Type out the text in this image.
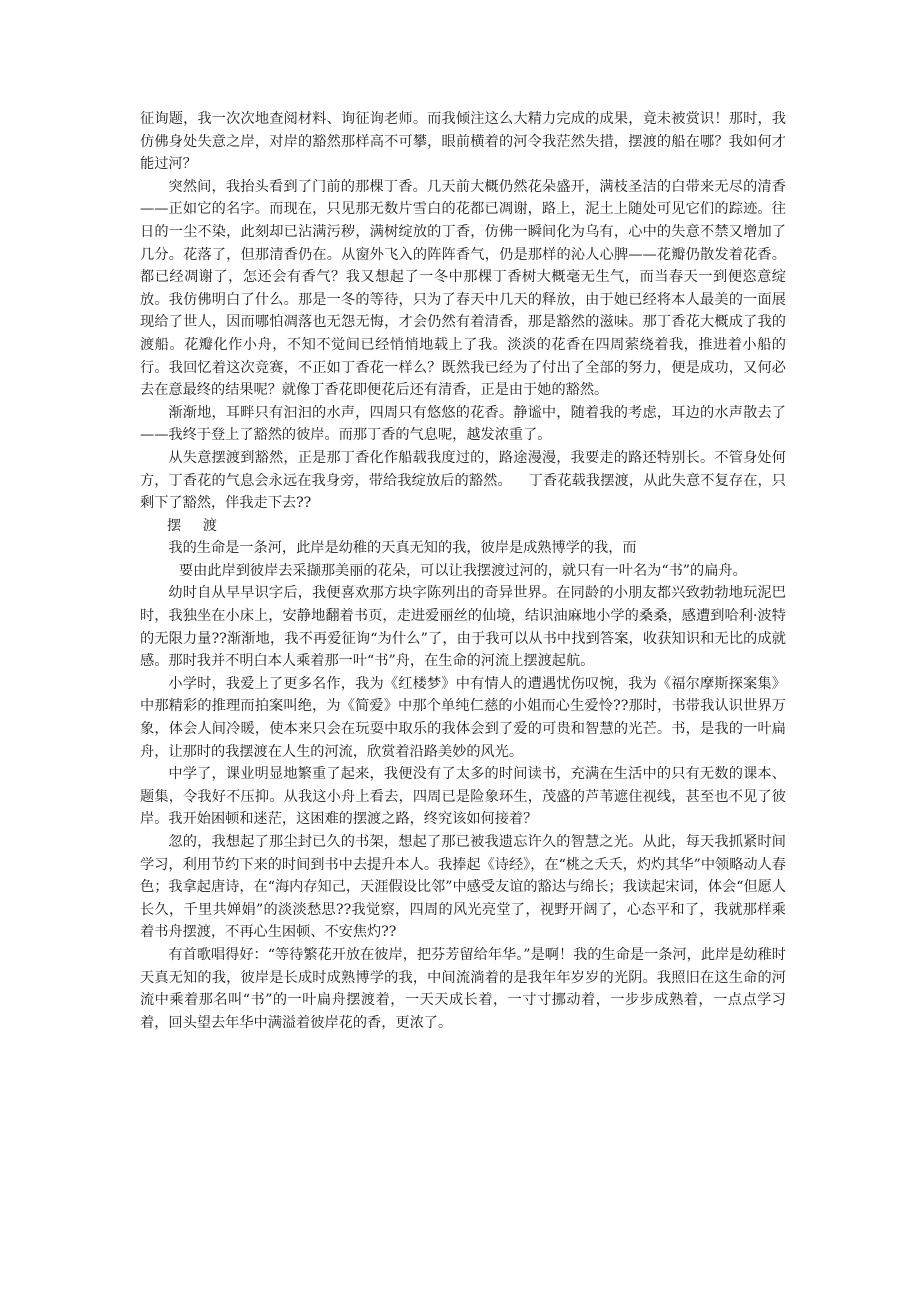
征询题，我一次次地查阅材料、询征询老师。而我倾注这么大精力完成的成果，竟未被赏识！那时，我仿佛身处失意之岸，对岸的豁然那样高不可攀，眼前横着的河令我茫然失措，摆渡的船在哪？我如何才能过河？

突然间，我抬头看到了门前的那棵丁香。几天前大概仍然花朵盛开，满枝圣洁的白带来无尽的清香——正如它的名字。而现在，只见那无数片雪白的花都已凋谢，路上，泥土上随处可见它们的踪迹。往日的一尘不染，此刻却已沾满污秽，满树绽放的丁香，仿佛一瞬间化为乌有，心中的失意不禁又增加了几分。花落了，但那清香仍在。从窗外飞入的阵阵香气，仍是那样的沁人心脾——花瓣仍散发着花香。都已经凋谢了，怎还会有香气？我又想起了一冬中那棵丁香树大概毫无生气，而当春天一到便恣意绽放。我仿佛明白了什么。那是一冬的等待，只为了春天中几天的释放，由于她已经将本人最美的一面展现给了世人，因而哪怕凋落也无怨无悔，才会仍然有着清香，那是豁然的滋味。那丁香花大概成了我的渡船。花瓣化作小舟，不知不觉间已经悄悄地载上了我。淡淡的花香在四周萦绕着我，推进着小船的行。我回忆着这次竞赛，不正如丁香花一样么？既然我已经为了付出了全部的努力，便是成功，又何必去在意最终的结果呢？就像丁香花即便花后还有清香，正是由于她的豁然。

渐渐地，耳畔只有汩汩的水声，四周只有悠悠的花香。静谧中，随着我的考虑，耳边的水声散去了——我终于登上了豁然的彼岸。而那丁香的气息呢，越发浓重了。

从失意摆渡到豁然，正是那丁香化作船载我度过的，路途漫漫，我要走的路还特别长。不管身处何方，丁香花的气息会永远在我身旁，带给我绽放后的豁然。 丁香花载我摆渡，从此失意不复存在，只剩下了豁然，伴我走下去??

摆 渡

我的生命是一条河，此岸是幼稚的天真无知的我，彼岸是成熟博学的我，而

要由此岸到彼岸去采撷那美丽的花朵，可以让我摆渡过河的，就只有一叶名为“书”的扁舟。

幼时自从早早识字后，我便喜欢那方块字陈列出的奇异世界。在同龄的小朋友都兴致勃勃地玩泥巴时，我独坐在小床上，安静地翻着书页，走进爱丽丝的仙境，结识油麻地小学的桑桑，感遭到哈利·波特的无限力量??渐渐地，我不再爱征询“为什么”了，由于我可以从书中找到答案，收获知识和无比的成就感。那时我并不明白本人乘着那一叶“书”舟，在生命的河流上摆渡起航。

小学时，我爱上了更多名作，我为《红楼梦》中有情人的遭遇忧伤叹惋，我为《福尔摩斯探案集》中那精彩的推理而拍案叫绝，为《简爱》中那个单纯仁慈的小姐而心生爱怜??那时，书带我认识世界万象，体会人间冷暖，使本来只会在玩耍中取乐的我体会到了爱的可贵和智慧的光芒。书，是我的一叶扁舟，让那时的我摆渡在人生的河流，欣赏着沿路美妙的风光。

中学了，课业明显地繁重了起来，我便没有了太多的时间读书，充满在生活中的只有无数的课本、题集，令我好不压抑。从我这小舟上看去，四周已是险象环生，茂盛的芦苇遮住视线，甚至也不见了彼岸。我开始困顿和迷茫，这困难的摆渡之路，终究该如何接着？

忽的，我想起了那尘封已久的书架，想起了那已被我遗忘许久的智慧之光。从此，每天我抓紧时间学习，利用节约下来的时间到书中去提升本人。我捧起《诗经》，在“桃之夭夭，灼灼其华”中领略动人春色；我拿起唐诗，在“海内存知己，天涯假设比邻”中感受友谊的豁达与绵长；我读起宋词，体会“但愿人长久，千里共婵娟”的淡淡愁思??我觉察，四周的风光亮堂了，视野开阔了，心态平和了，我就那样乘着书舟摆渡，不再心生困顿、不安焦灼??

有首歌唱得好：“等待繁花开放在彼岸，把芬芳留给年华。”是啊！我的生命是一条河，此岸是幼稚时天真无知的我，彼岸是长成时成熟博学的我，中间流淌着的是我年年岁岁的光阴。我照旧在这生命的河流中乘着那名叫“书”的一叶扁舟摆渡着，一天天成长着，一寸寸挪动着，一步步成熟着，一点点学习着，回头望去年华中满溢着彼岸花的香，更浓了。
